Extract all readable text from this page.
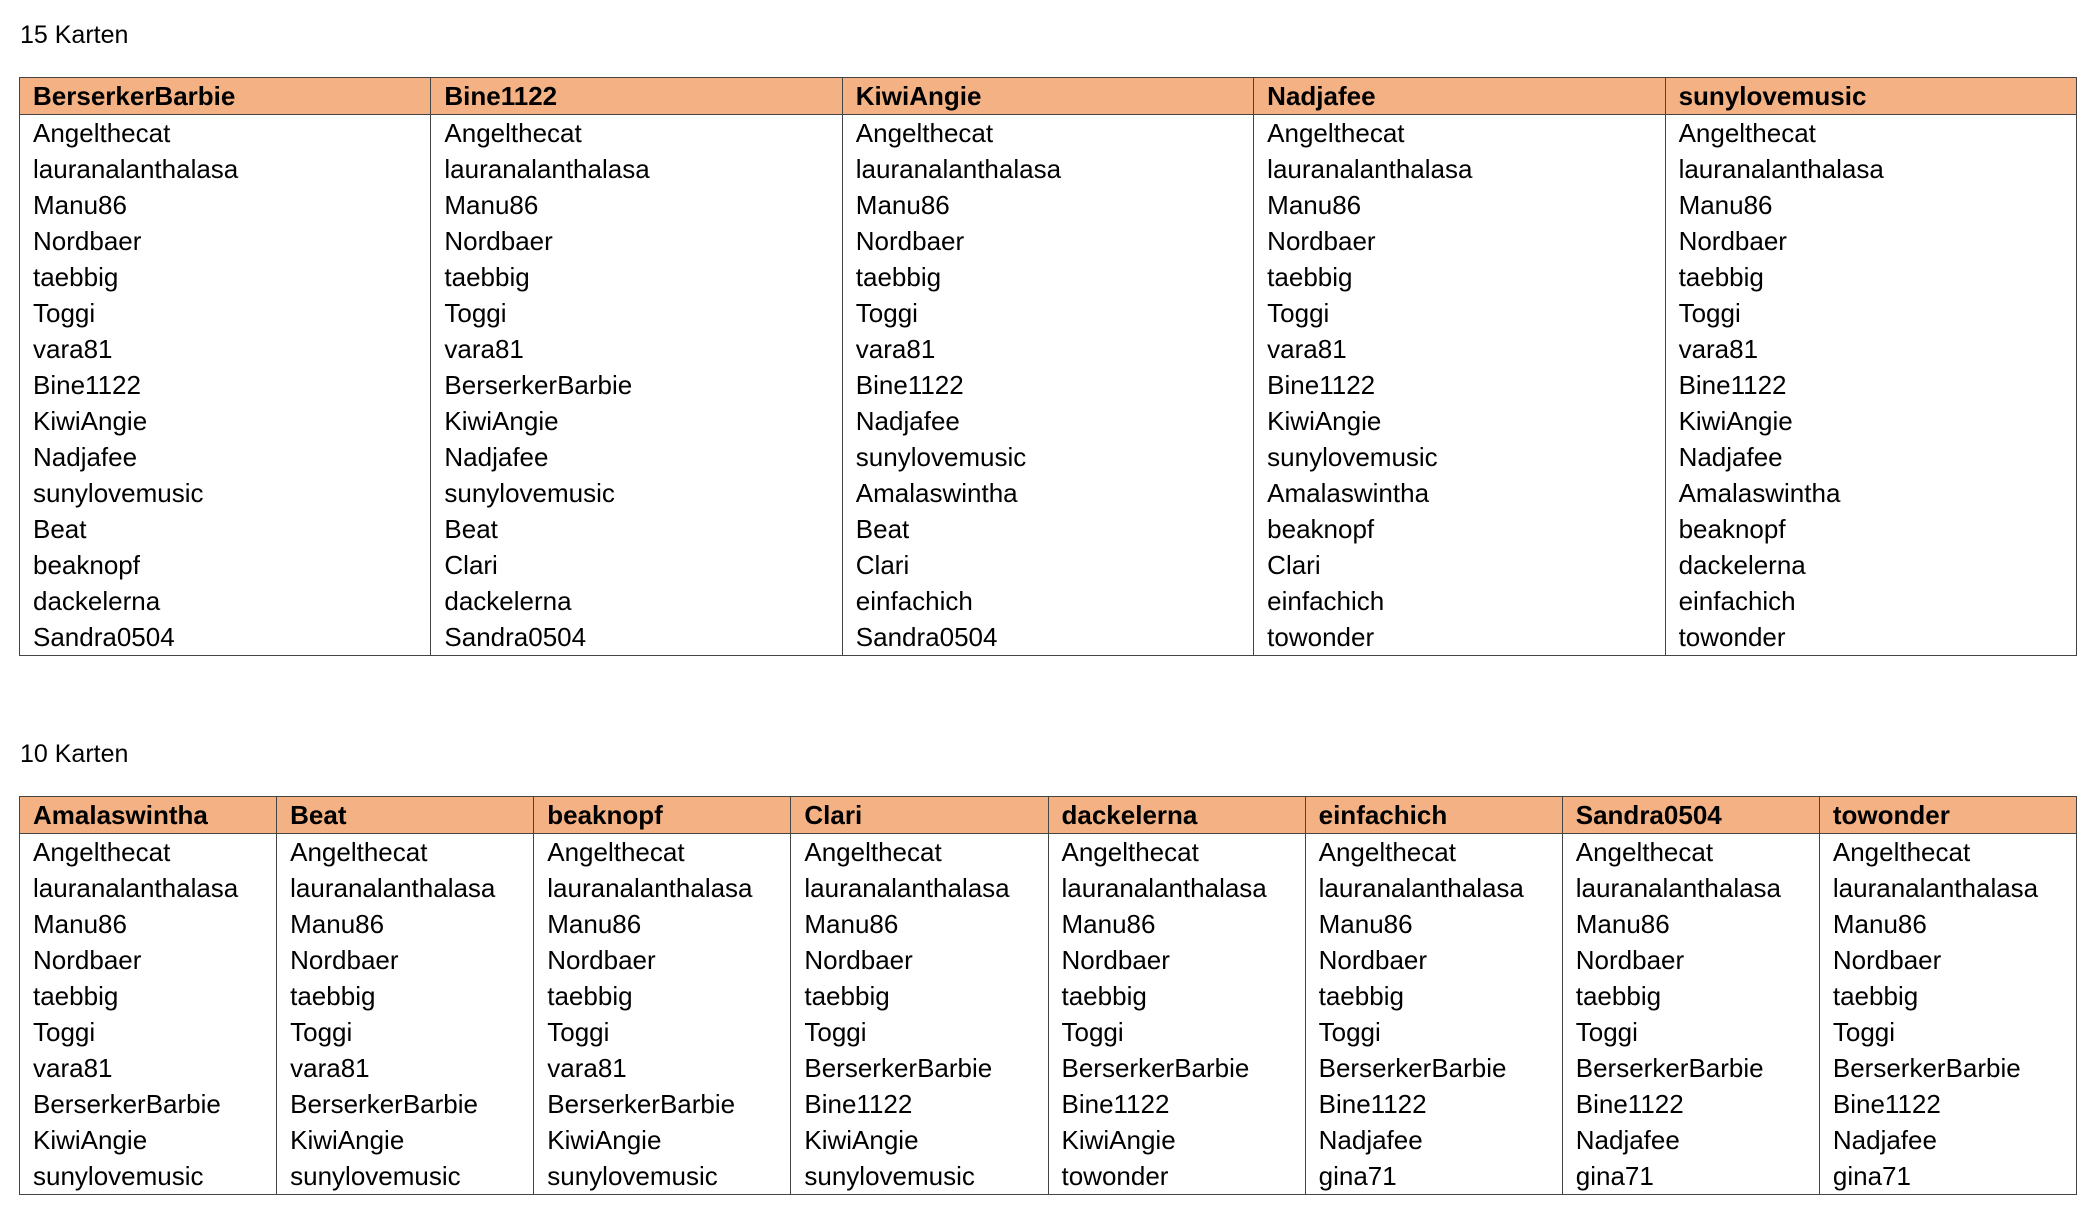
15 Karten
BerserkerBarbie	Bine1122	KiwiAngie	Nadjafee	sunylovemusic
Angelthecat	Angelthecat	Angelthecat	Angelthecat	Angelthecat
lauranalanthalasa	lauranalanthalasa	lauranalanthalasa	lauranalanthalasa	lauranalanthalasa
Manu86	Manu86	Manu86	Manu86	Manu86
Nordbaer	Nordbaer	Nordbaer	Nordbaer	Nordbaer
taebbig	taebbig	taebbig	taebbig	taebbig
Toggi	Toggi	Toggi	Toggi	Toggi
vara81	vara81	vara81	vara81	vara81
Bine1122	BerserkerBarbie	Bine1122	Bine1122	Bine1122
KiwiAngie	KiwiAngie	Nadjafee	KiwiAngie	KiwiAngie
Nadjafee	Nadjafee	sunylovemusic	sunylovemusic	Nadjafee
sunylovemusic	sunylovemusic	Amalaswintha	Amalaswintha	Amalaswintha
Beat	Beat	Beat	beaknopf	beaknopf
beaknopf	Clari	Clari	Clari	dackelerna
dackelerna	dackelerna	einfachich	einfachich	einfachich
Sandra0504	Sandra0504	Sandra0504	towonder	towonder
10 Karten
Amalaswintha	Beat	beaknopf	Clari	dackelerna	einfachich	Sandra0504	towonder
Angelthecat	Angelthecat	Angelthecat	Angelthecat	Angelthecat	Angelthecat	Angelthecat	Angelthecat
lauranalanthalasa	lauranalanthalasa	lauranalanthalasa	lauranalanthalasa	lauranalanthalasa	lauranalanthalasa	lauranalanthalasa	lauranalanthalasa
Manu86	Manu86	Manu86	Manu86	Manu86	Manu86	Manu86	Manu86
Nordbaer	Nordbaer	Nordbaer	Nordbaer	Nordbaer	Nordbaer	Nordbaer	Nordbaer
taebbig	taebbig	taebbig	taebbig	taebbig	taebbig	taebbig	taebbig
Toggi	Toggi	Toggi	Toggi	Toggi	Toggi	Toggi	Toggi
vara81	vara81	vara81	BerserkerBarbie	BerserkerBarbie	BerserkerBarbie	BerserkerBarbie	BerserkerBarbie
BerserkerBarbie	BerserkerBarbie	BerserkerBarbie	Bine1122	Bine1122	Bine1122	Bine1122	Bine1122
KiwiAngie	KiwiAngie	KiwiAngie	KiwiAngie	KiwiAngie	Nadjafee	Nadjafee	Nadjafee
sunylovemusic	sunylovemusic	sunylovemusic	sunylovemusic	towonder	gina71	gina71	gina71
